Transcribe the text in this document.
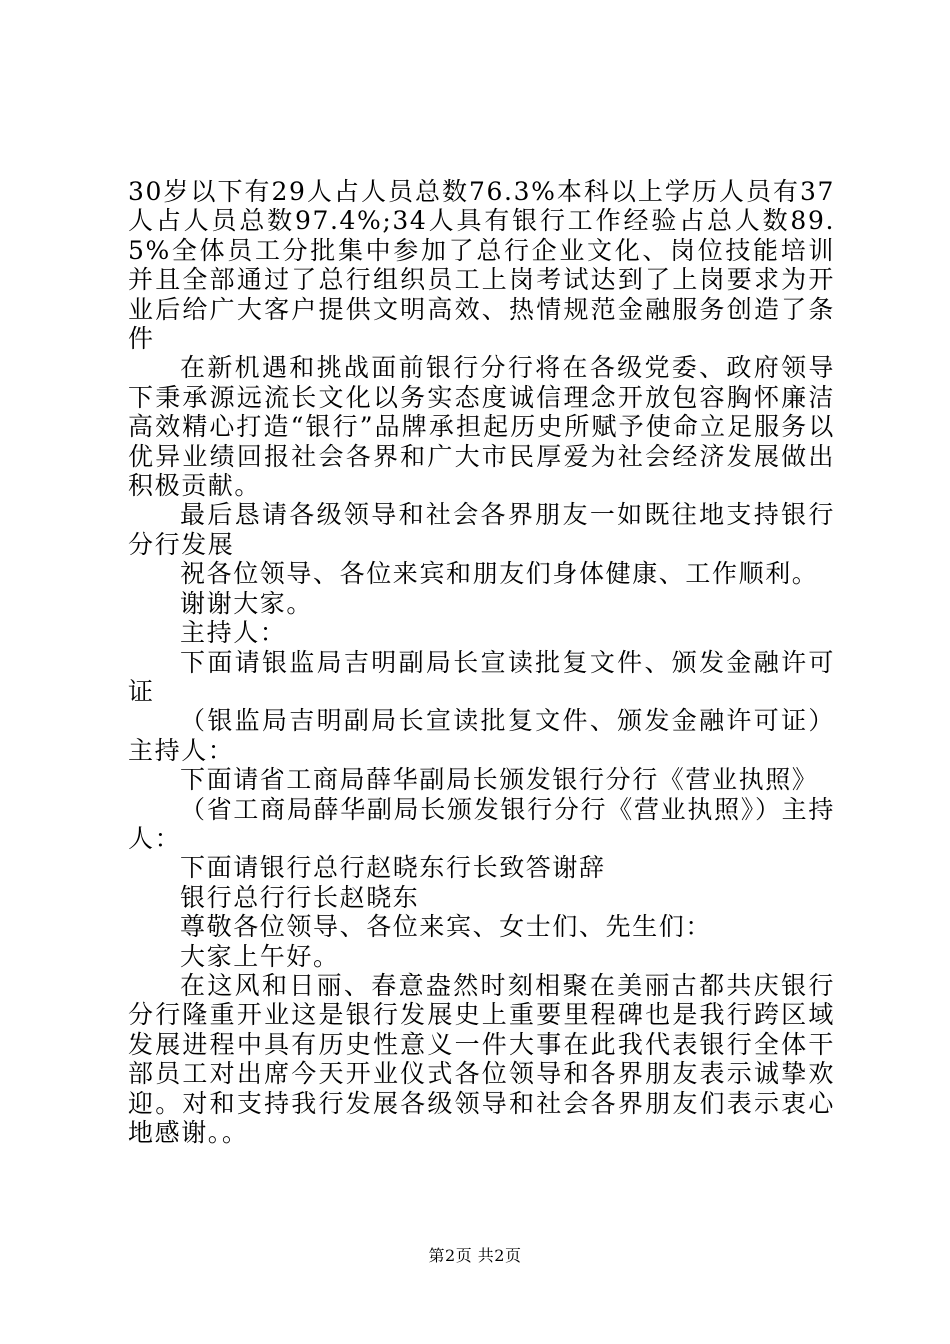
30岁以下有29人占人员总数76.3%本科以上学历人员有37人占人员总数97.4%;34人具有银行工作经验占总人数89.5%全体员工分批集中参加了总行企业文化、岗位技能培训并且全部通过了总行组织员工上岗考试达到了上岗要求为开业后给广大客户提供文明高效、热情规范金融服务创造了条件

在新机遇和挑战面前银行分行将在各级党委、政府领导下秉承源远流长文化以务实态度诚信理念开放包容胸怀廉洁高效精心打造“银行”品牌承担起历史所赋予使命立足服务以优异业绩回报社会各界和广大市民厚爱为社会经济发展做出积极贡献。

最后恳请各级领导和社会各界朋友一如既往地支持银行分行发展

祝各位领导、各位来宾和朋友们身体健康、工作顺利。

谢谢大家。

主持人：

下面请银监局吉明副局长宣读批复文件、颁发金融许可证

（银监局吉明副局长宣读批复文件、颁发金融许可证）主持人：

下面请省工商局薛华副局长颁发银行分行《营业执照》

（省工商局薛华副局长颁发银行分行《营业执照》）主持人：

下面请银行总行赵晓东行长致答谢辞

银行总行行长赵晓东

尊敬各位领导、各位来宾、女士们、先生们：

大家上午好。

在这风和日丽、春意盎然时刻相聚在美丽古都共庆银行分行隆重开业这是银行发展史上重要里程碑也是我行跨区域发展进程中具有历史性意义一件大事在此我代表银行全体干部员工对出席今天开业仪式各位领导和各界朋友表示诚挚欢迎。对和支持我行发展各级领导和社会各界朋友们表示衷心地感谢。。

第2页 共2页
